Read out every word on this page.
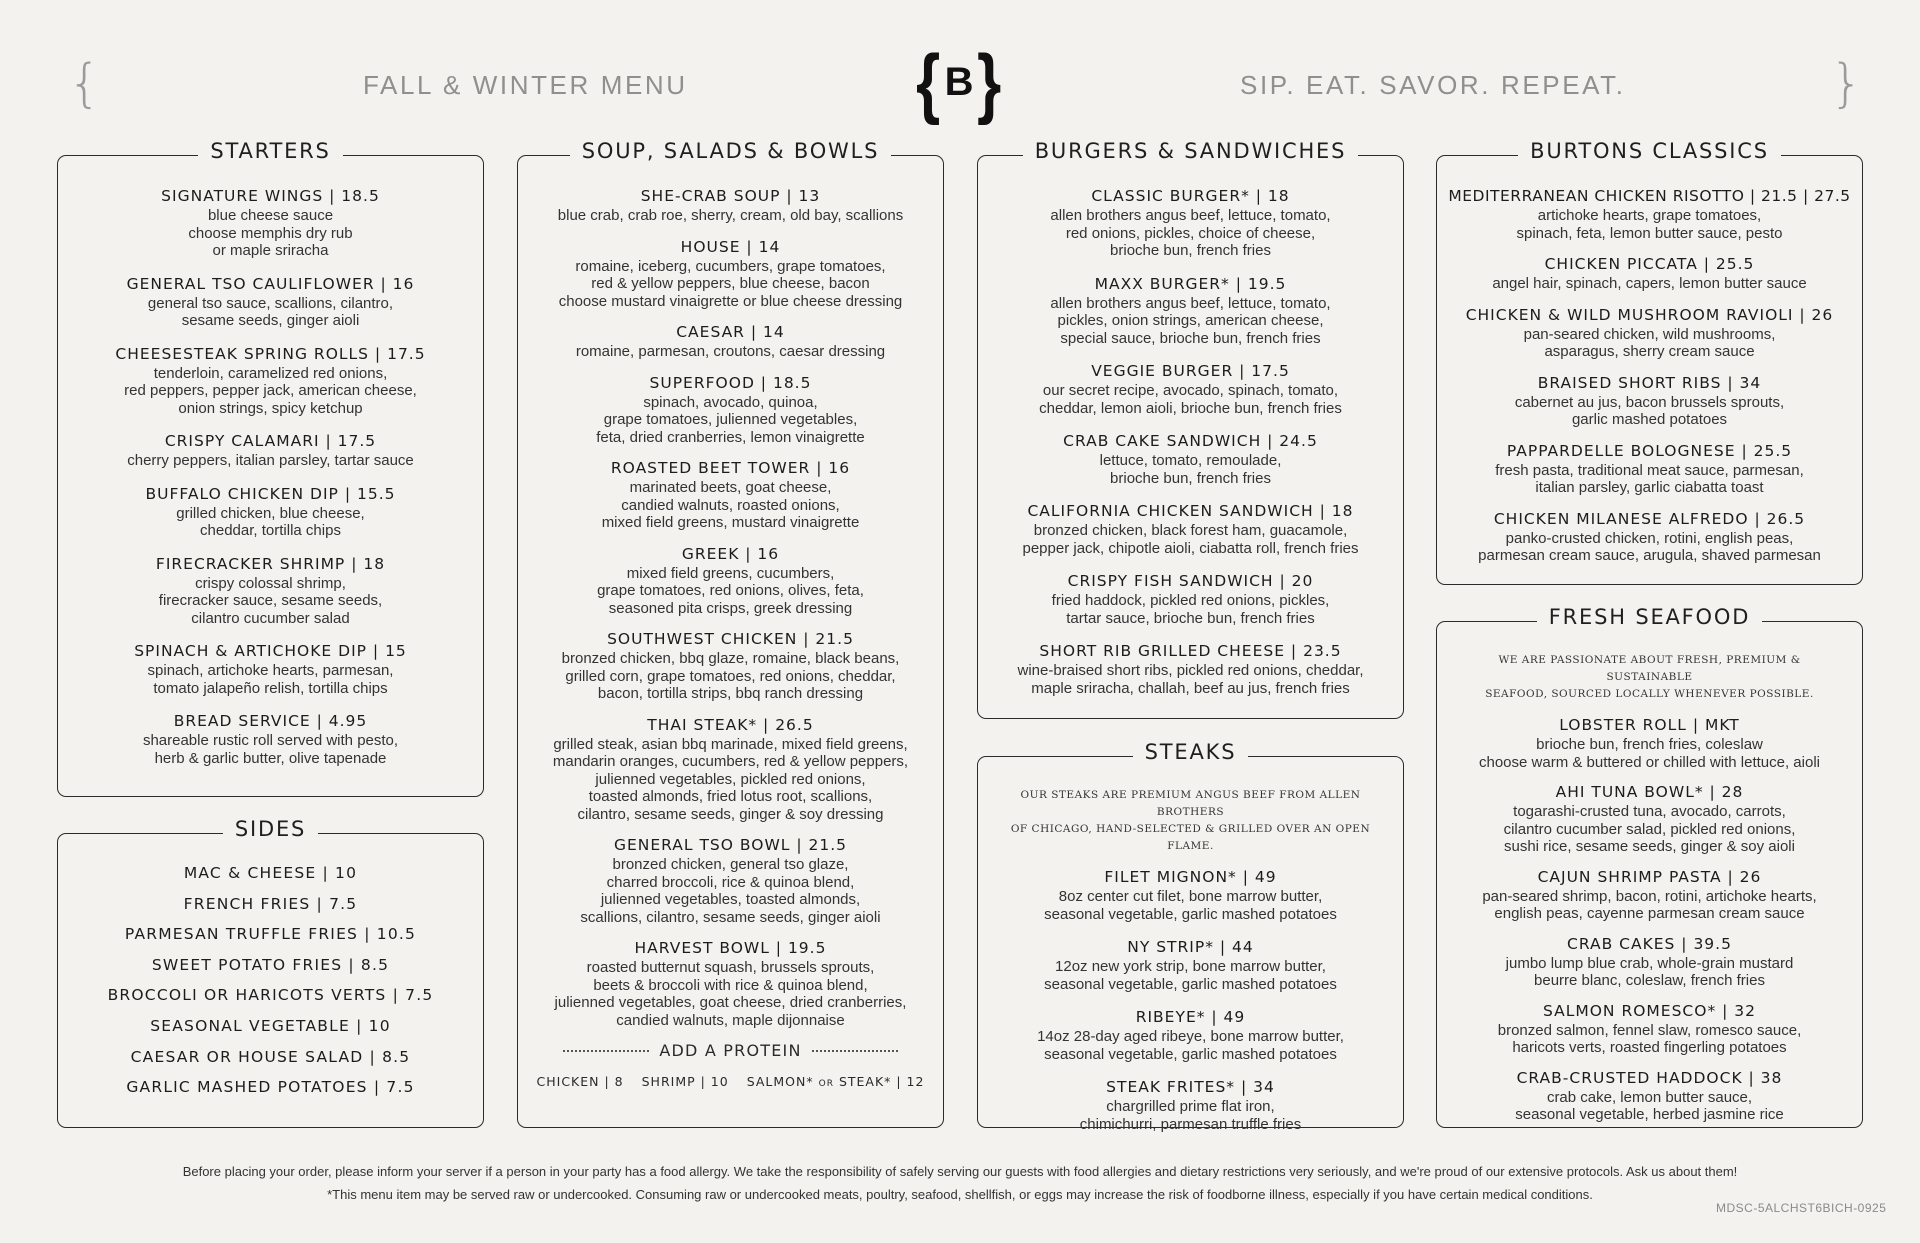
{	FALL & WINTER MENU	{ B }	SIP. EAT. SAVOR. REPEAT.	}
STARTERS
SIGNATURE WINGS | 18.5
blue cheese sauce
choose memphis dry rub
or maple sriracha
GENERAL TSO CAULIFLOWER | 16
general tso sauce, scallions, cilantro,
sesame seeds, ginger aioli
CHEESESTEAK SPRING ROLLS | 17.5
tenderloin, caramelized red onions,
red peppers, pepper jack, american cheese,
onion strings, spicy ketchup
CRISPY CALAMARI | 17.5
cherry peppers, italian parsley, tartar sauce
BUFFALO CHICKEN DIP | 15.5
grilled chicken, blue cheese,
cheddar, tortilla chips
FIRECRACKER SHRIMP | 18
crispy colossal shrimp,
firecracker sauce, sesame seeds,
cilantro cucumber salad
SPINACH & ARTICHOKE DIP | 15
spinach, artichoke hearts, parmesan,
tomato jalapeño relish, tortilla chips
BREAD SERVICE | 4.95
shareable rustic roll served with pesto,
herb & garlic butter, olive tapenade
SIDES
MAC & CHEESE | 10
FRENCH FRIES | 7.5
PARMESAN TRUFFLE FRIES | 10.5
SWEET POTATO FRIES | 8.5
BROCCOLI OR HARICOTS VERTS | 7.5
SEASONAL VEGETABLE | 10
CAESAR OR HOUSE SALAD | 8.5
GARLIC MASHED POTATOES | 7.5
SOUP, SALADS & BOWLS
SHE-CRAB SOUP | 13
blue crab, crab roe, sherry, cream, old bay, scallions
HOUSE | 14
romaine, iceberg, cucumbers, grape tomatoes,
red & yellow peppers, blue cheese, bacon
choose mustard vinaigrette or blue cheese dressing
CAESAR | 14
romaine, parmesan, croutons, caesar dressing
SUPERFOOD | 18.5
spinach, avocado, quinoa,
grape tomatoes, julienned vegetables,
feta, dried cranberries, lemon vinaigrette
ROASTED BEET TOWER | 16
marinated beets, goat cheese,
candied walnuts, roasted onions,
mixed field greens, mustard vinaigrette
GREEK | 16
mixed field greens, cucumbers,
grape tomatoes, red onions, olives, feta,
seasoned pita crisps, greek dressing
SOUTHWEST CHICKEN | 21.5
bronzed chicken, bbq glaze, romaine, black beans,
grilled corn, grape tomatoes, red onions, cheddar,
bacon, tortilla strips, bbq ranch dressing
THAI STEAK* | 26.5
grilled steak, asian bbq marinade, mixed field greens,
mandarin oranges, cucumbers, red & yellow peppers,
julienned vegetables, pickled red onions,
toasted almonds, fried lotus root, scallions,
cilantro, sesame seeds, ginger & soy dressing
GENERAL TSO BOWL | 21.5
bronzed chicken, general tso glaze,
charred broccoli, rice & quinoa blend,
julienned vegetables, toasted almonds,
scallions, cilantro, sesame seeds, ginger aioli
HARVEST BOWL | 19.5
roasted butternut squash, brussels sprouts,
beets & broccoli with rice & quinoa blend,
julienned vegetables, goat cheese, dried cranberries,
candied walnuts, maple dijonnaise
ADD A PROTEIN
CHICKEN | 8 SHRIMP | 10 SALMON* OR STEAK* | 12
BURGERS & SANDWICHES
CLASSIC BURGER* | 18
allen brothers angus beef, lettuce, tomato,
red onions, pickles, choice of cheese,
brioche bun, french fries
MAXX BURGER* | 19.5
allen brothers angus beef, lettuce, tomato,
pickles, onion strings, american cheese,
special sauce, brioche bun, french fries
VEGGIE BURGER | 17.5
our secret recipe, avocado, spinach, tomato,
cheddar, lemon aioli, brioche bun, french fries
CRAB CAKE SANDWICH | 24.5
lettuce, tomato, remoulade,
brioche bun, french fries
CALIFORNIA CHICKEN SANDWICH | 18
bronzed chicken, black forest ham, guacamole,
pepper jack, chipotle aioli, ciabatta roll, french fries
CRISPY FISH SANDWICH | 20
fried haddock, pickled red onions, pickles,
tartar sauce, brioche bun, french fries
SHORT RIB GRILLED CHEESE | 23.5
wine-braised short ribs, pickled red onions, cheddar,
maple sriracha, challah, beef au jus, french fries
STEAKS
OUR STEAKS ARE PREMIUM ANGUS BEEF FROM ALLEN BROTHERS
OF CHICAGO, HAND-SELECTED & GRILLED OVER AN OPEN FLAME.
FILET MIGNON* | 49
8oz center cut filet, bone marrow butter,
seasonal vegetable, garlic mashed potatoes
NY STRIP* | 44
12oz new york strip, bone marrow butter,
seasonal vegetable, garlic mashed potatoes
RIBEYE* | 49
14oz 28-day aged ribeye, bone marrow butter,
seasonal vegetable, garlic mashed potatoes
STEAK FRITES* | 34
chargrilled prime flat iron,
chimichurri, parmesan truffle fries
BURTONS CLASSICS
MEDITERRANEAN CHICKEN RISOTTO | 21.5 | 27.5
artichoke hearts, grape tomatoes,
spinach, feta, lemon butter sauce, pesto
CHICKEN PICCATA | 25.5
angel hair, spinach, capers, lemon butter sauce
CHICKEN & WILD MUSHROOM RAVIOLI | 26
pan-seared chicken, wild mushrooms,
asparagus, sherry cream sauce
BRAISED SHORT RIBS | 34
cabernet au jus, bacon brussels sprouts,
garlic mashed potatoes
PAPPARDELLE BOLOGNESE | 25.5
fresh pasta, traditional meat sauce, parmesan,
italian parsley, garlic ciabatta toast
CHICKEN MILANESE ALFREDO | 26.5
panko-crusted chicken, rotini, english peas,
parmesan cream sauce, arugula, shaved parmesan
FRESH SEAFOOD
WE ARE PASSIONATE ABOUT FRESH, PREMIUM & SUSTAINABLE
SEAFOOD, SOURCED LOCALLY WHENEVER POSSIBLE.
LOBSTER ROLL | MKT
brioche bun, french fries, coleslaw
choose warm & buttered or chilled with lettuce, aioli
AHI TUNA BOWL* | 28
togarashi-crusted tuna, avocado, carrots,
cilantro cucumber salad, pickled red onions,
sushi rice, sesame seeds, ginger & soy aioli
CAJUN SHRIMP PASTA | 26
pan-seared shrimp, bacon, rotini, artichoke hearts,
english peas, cayenne parmesan cream sauce
CRAB CAKES | 39.5
jumbo lump blue crab, whole-grain mustard
beurre blanc, coleslaw, french fries
SALMON ROMESCO* | 32
bronzed salmon, fennel slaw, romesco sauce,
haricots verts, roasted fingerling potatoes
CRAB-CRUSTED HADDOCK | 38
crab cake, lemon butter sauce,
seasonal vegetable, herbed jasmine rice
Before placing your order, please inform your server if a person in your party has a food allergy. We take the responsibility of safely serving our guests with food allergies and dietary restrictions very seriously, and we're proud of our extensive protocols. Ask us about them!
*This menu item may be served raw or undercooked. Consuming raw or undercooked meats, poultry, seafood, shellfish, or eggs may increase the risk of foodborne illness, especially if you have certain medical conditions.
MDSC-5ALCHST6BICH-0925
